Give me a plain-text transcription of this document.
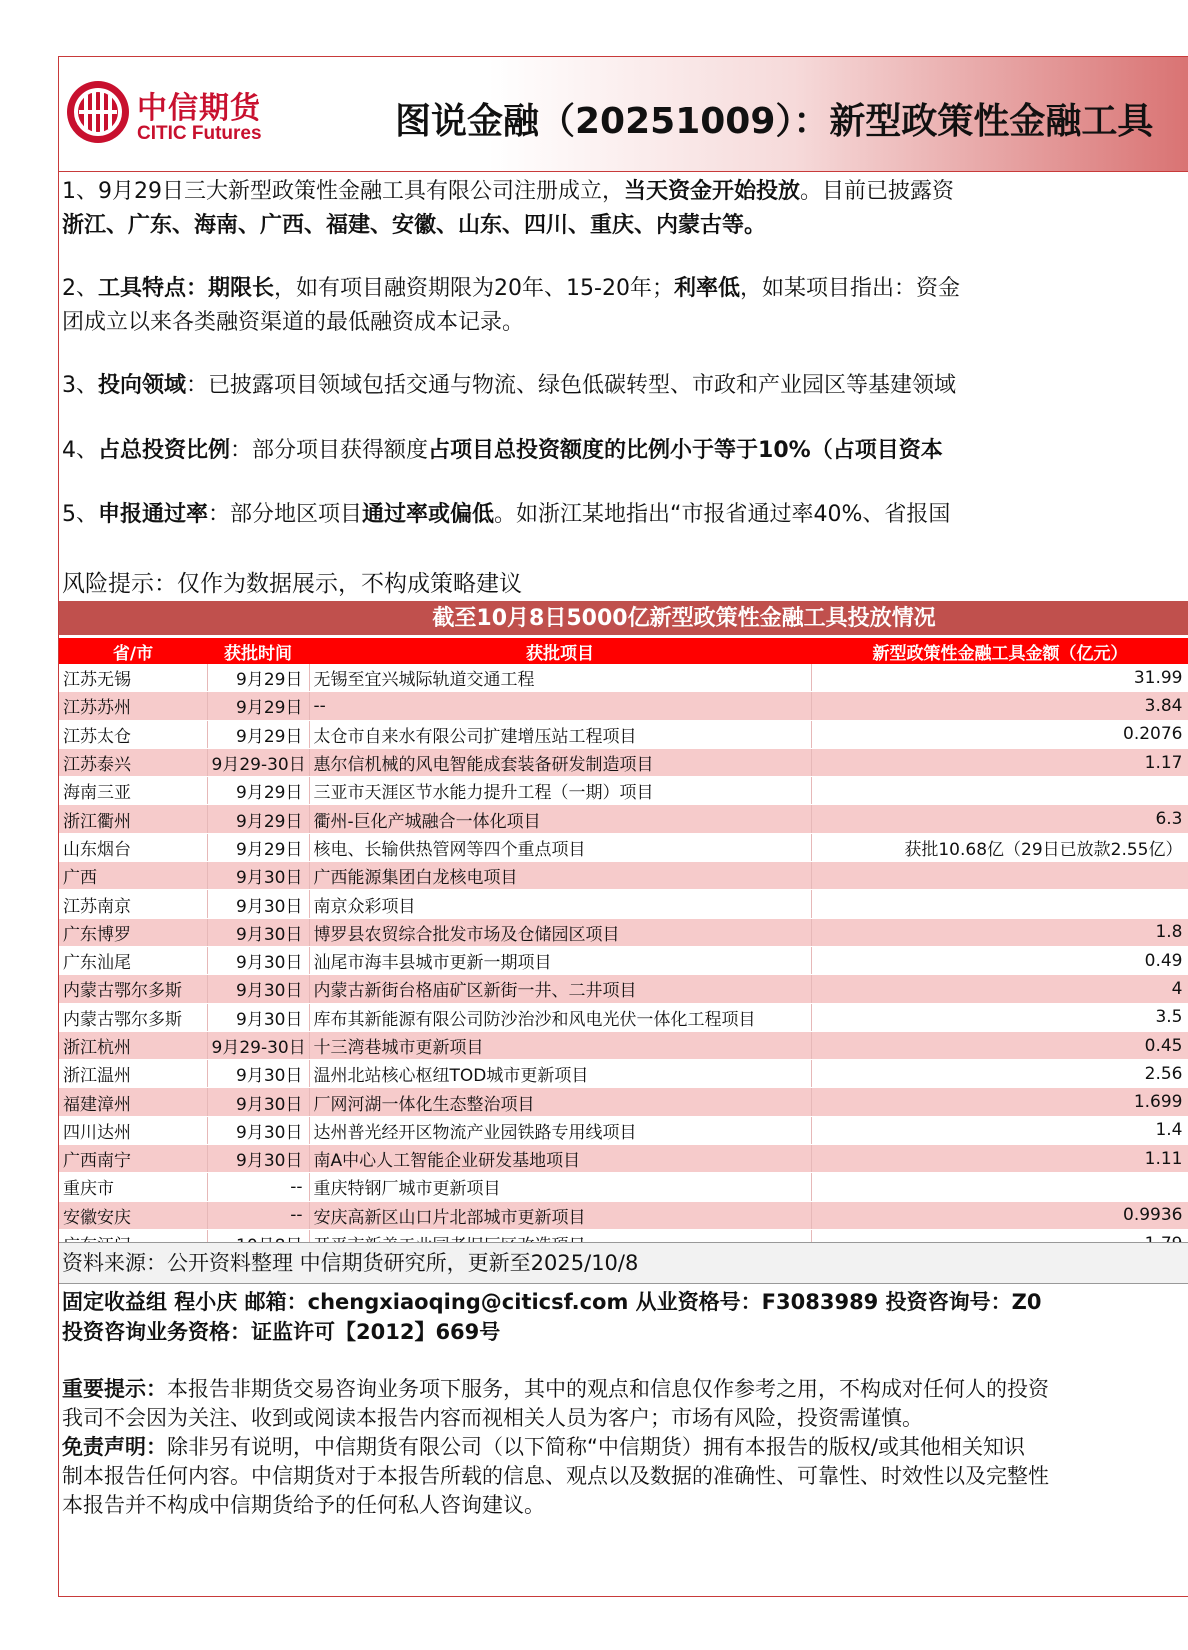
中信期货
CITIC Futures	图说金融（20251009）：新型政策性金融工具
1、9月29日三大新型政策性金融工具有限公司注册成立，当天资金开始投放。目前已披露资
浙江、广东、海南、广西、福建、安徽、山东、四川、重庆、内蒙古等。
2、工具特点：期限长，如有项目融资期限为20年、15-20年；利率低，如某项目指出：资金
团成立以来各类融资渠道的最低融资成本记录。
3、投向领域：已披露项目领域包括交通与物流、绿色低碳转型、市政和产业园区等基建领域
4、占总投资比例：部分项目获得额度占项目总投资额度的比例小于等于10%（占项目资本
5、申报通过率：部分地区项目通过率或偏低。如浙江某地指出“市报省通过率40%、省报国
风险提示：仅作为数据展示，不构成策略建议
截至10月8日5000亿新型政策性金融工具投放情况
省/市	获批时间	获批项目	新型政策性金融工具金额（亿元）
江苏无锡	9月29日	无锡至宜兴城际轨道交通工程	31.99
江苏苏州	9月29日	--	3.84
江苏太仓	9月29日	太仓市自来水有限公司扩建增压站工程项目	0.2076
江苏泰兴	9月29-30日	惠尔信机械的风电智能成套装备研发制造项目	1.17
海南三亚	9月29日	三亚市天涯区节水能力提升工程（一期）项目	
浙江衢州	9月29日	衢州-巨化产城融合一体化项目	6.3
山东烟台	9月29日	核电、长输供热管网等四个重点项目	获批10.68亿（29日已放款2.55亿）
广西	9月30日	广西能源集团白龙核电项目	
江苏南京	9月30日	南京众彩项目	
广东博罗	9月30日	博罗县农贸综合批发市场及仓储园区项目	1.8
广东汕尾	9月30日	汕尾市海丰县城市更新一期项目	0.49
内蒙古鄂尔多斯	9月30日	内蒙古新街台格庙矿区新街一井、二井项目	4
内蒙古鄂尔多斯	9月30日	库布其新能源有限公司防沙治沙和风电光伏一体化工程项目	3.5
浙江杭州	9月29-30日	十三湾巷城市更新项目	0.45
浙江温州	9月30日	温州北站核心枢纽TOD城市更新项目	2.56
福建漳州	9月30日	厂网河湖一体化生态整治项目	1.699
四川达州	9月30日	达州普光经开区物流产业园铁路专用线项目	1.4
广西南宁	9月30日	南A中心人工智能企业研发基地项目	1.11
重庆市	--	重庆特钢厂城市更新项目	
安徽安庆	--	安庆高新区山口片北部城市更新项目	0.9936

资料来源：公开资料整理 中信期货研究所，更新至2025/10/8
固定收益组 程小庆 邮箱：chengxiaoqing@citicsf.com 从业资格号：F3083989 投资咨询号：Z0
投资咨询业务资格：证监许可【2012】669号
重要提示：本报告非期货交易咨询业务项下服务，其中的观点和信息仅作参考之用，不构成对任何人的投资
我司不会因为关注、收到或阅读本报告内容而视相关人员为客户；市场有风险，投资需谨慎。
免责声明：除非另有说明，中信期货有限公司（以下简称“中信期货）拥有本报告的版权/或其他相关知识
制本报告任何内容。中信期货对于本报告所载的信息、观点以及数据的准确性、可靠性、时效性以及完整性
本报告并不构成中信期货给予的任何私人咨询建议。
